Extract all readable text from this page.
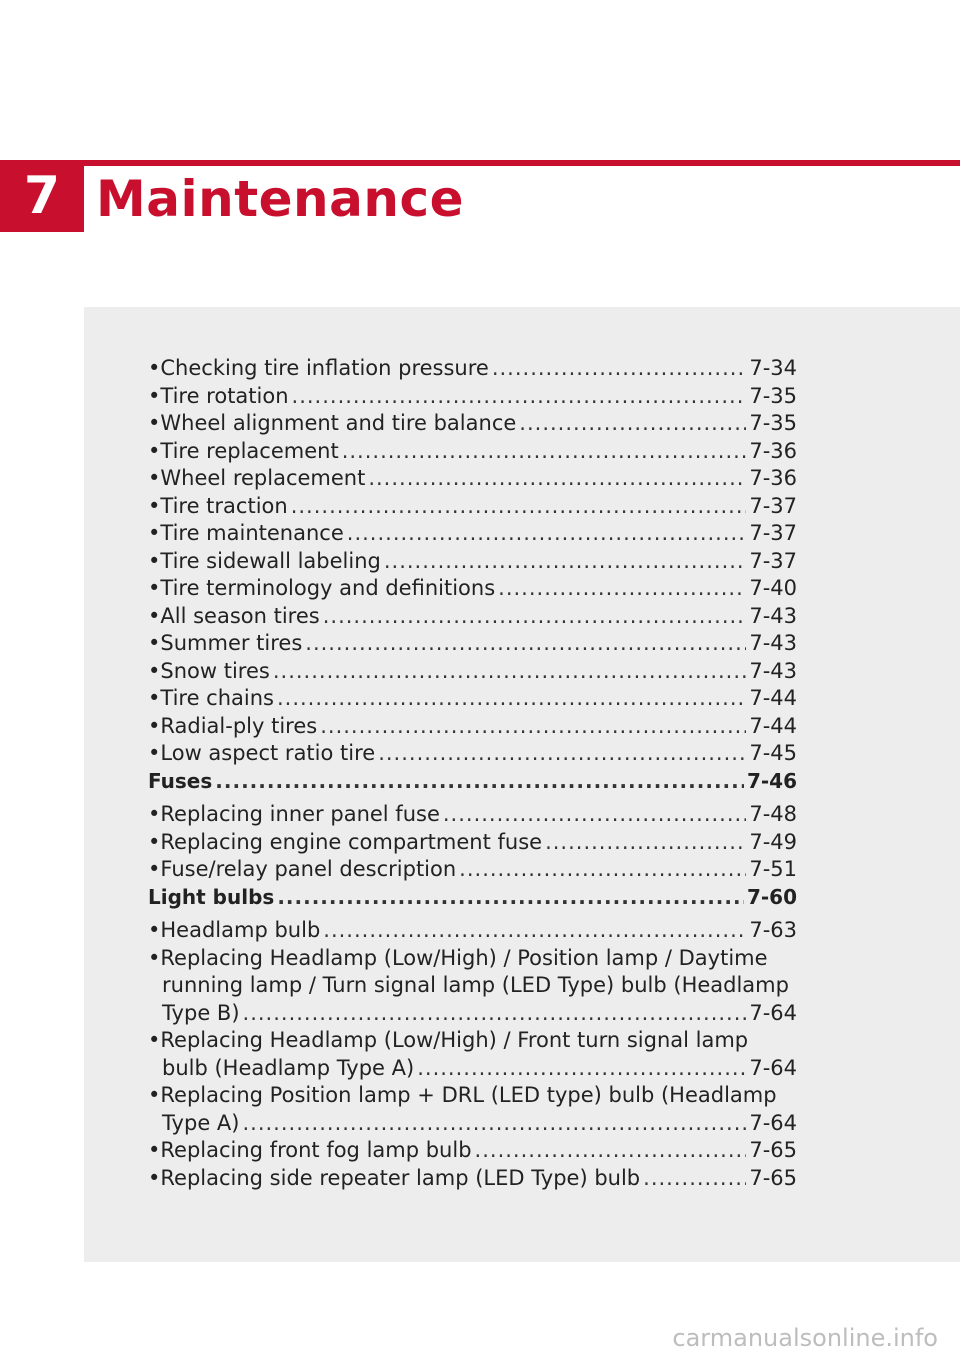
7 Maintenance
• Checking tire inflation pressure .....	7-34
• Tire rotation .....	7-35
• Wheel alignment and tire balance .....	7-35
• Tire replacement .....	7-36
• Wheel replacement .....	7-36
• Tire traction .....	7-37
• Tire maintenance .....	7-37
• Tire sidewall labeling .....	7-37
• Tire terminology and definitions .....	7-40
• All season tires .....	7-43
• Summer tires .....	7-43
• Snow tires .....	7-43
• Tire chains .....	7-44
• Radial-ply tires .....	7-44
• Low aspect ratio tire .....	7-45
Fuses .....	7-46
• Replacing inner panel fuse .....	7-48
• Replacing engine compartment fuse .....	7-49
• Fuse/relay panel description .....	7-51
Light bulbs .....	7-60
• Headlamp bulb .....	7-63
• Replacing Headlamp (Low/High) / Position lamp / Daytime
running lamp / Turn signal lamp (LED Type) bulb (Headlamp
Type B) .....	7-64
• Replacing Headlamp (Low/High) / Front turn signal lamp
bulb (Headlamp Type A) .....	7-64
• Replacing Position lamp + DRL (LED type) bulb (Headlamp
Type A) .....	7-64
• Replacing front fog lamp bulb .....	7-65
• Replacing side repeater lamp (LED Type) bulb .....	7-65
carmanualsonline.info
